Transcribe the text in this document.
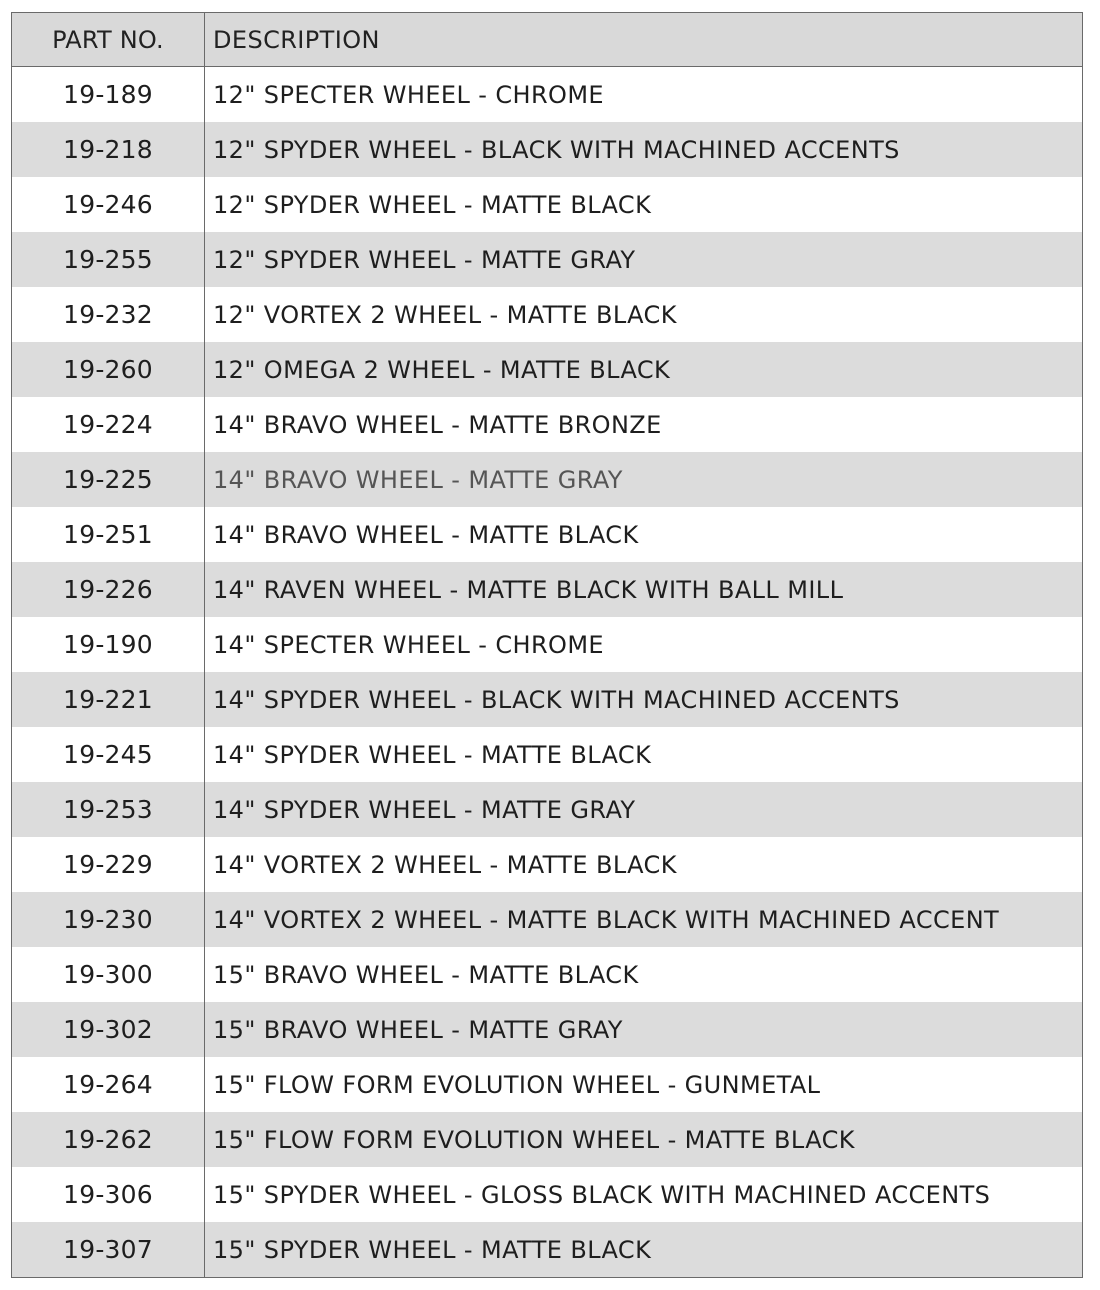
PART NO.	DESCRIPTION
19-189	12" SPECTER WHEEL - CHROME
19-218	12" SPYDER WHEEL - BLACK WITH MACHINED ACCENTS
19-246	12" SPYDER WHEEL - MATTE BLACK
19-255	12" SPYDER WHEEL - MATTE GRAY
19-232	12" VORTEX 2 WHEEL - MATTE BLACK
19-260	12" OMEGA 2 WHEEL - MATTE BLACK
19-224	14" BRAVO WHEEL - MATTE BRONZE
19-225	14" BRAVO WHEEL - MATTE GRAY
19-251	14" BRAVO WHEEL - MATTE BLACK
19-226	14" RAVEN WHEEL - MATTE BLACK WITH BALL MILL
19-190	14" SPECTER WHEEL - CHROME
19-221	14" SPYDER WHEEL - BLACK WITH MACHINED ACCENTS
19-245	14" SPYDER WHEEL - MATTE BLACK
19-253	14" SPYDER WHEEL - MATTE GRAY
19-229	14" VORTEX 2 WHEEL - MATTE BLACK
19-230	14" VORTEX 2 WHEEL - MATTE BLACK WITH MACHINED ACCENT
19-300	15" BRAVO WHEEL - MATTE BLACK
19-302	15" BRAVO WHEEL - MATTE GRAY
19-264	15" FLOW FORM EVOLUTION WHEEL - GUNMETAL
19-262	15" FLOW FORM EVOLUTION WHEEL - MATTE BLACK
19-306	15" SPYDER WHEEL - GLOSS BLACK WITH MACHINED ACCENTS
19-307	15" SPYDER WHEEL - MATTE BLACK
